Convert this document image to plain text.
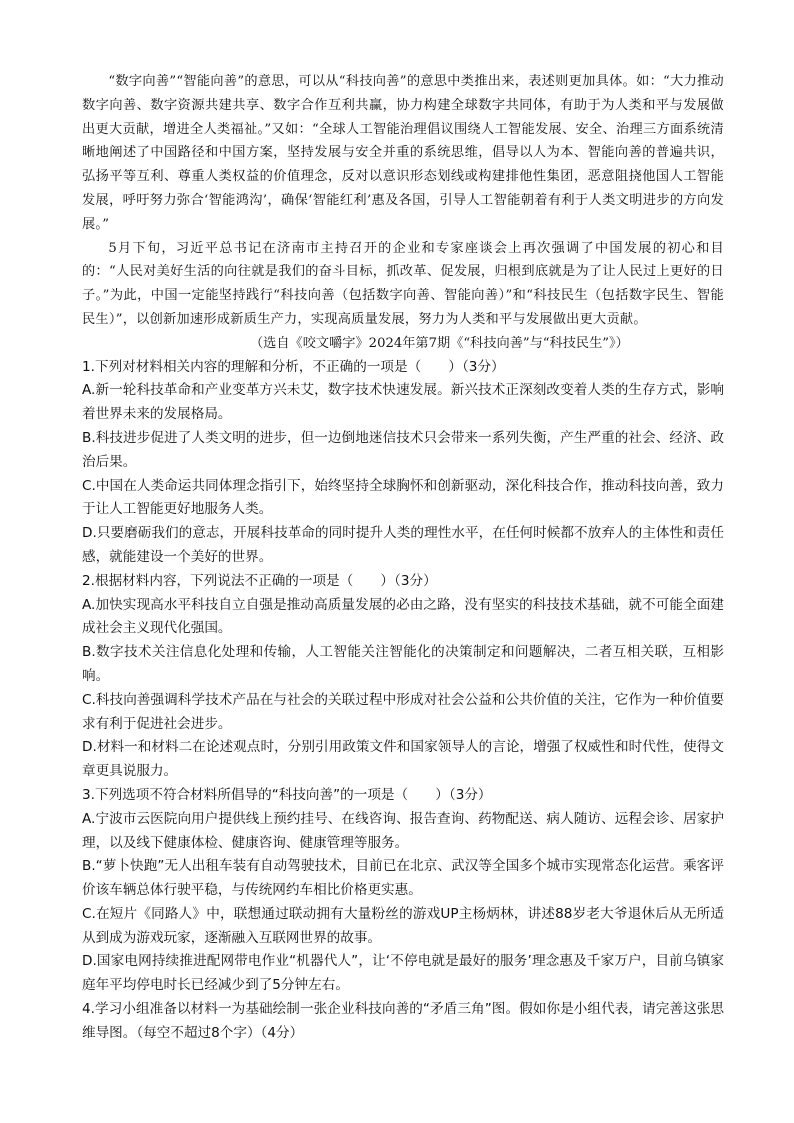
“数字向善”“智能向善”的意思，可以从“科技向善”的意思中类推出来，表述则更加具体。如：“大力推动数字向善、数字资源共建共享、数字合作互利共赢，协力构建全球数字共同体，有助于为人类和平与发展做出更大贡献，增进全人类福祉。”又如：“全球人工智能治理倡议围绕人工智能发展、安全、治理三方面系统清晰地阐述了中国路径和中国方案，坚持发展与安全并重的系统思维，倡导以人为本、智能向善的普遍共识，弘扬平等互利、尊重人类权益的价值理念，反对以意识形态划线或构建排他性集团，恶意阻挠他国人工智能发展，呼吁努力弥合‘智能鸿沟’，确保‘智能红利’惠及各国，引导人工智能朝着有利于人类文明进步的方向发展。”

5月下旬，习近平总书记在济南市主持召开的企业和专家座谈会上再次强调了中国发展的初心和目的：“人民对美好生活的向往就是我们的奋斗目标，抓改革、促发展，归根到底就是为了让人民过上更好的日子。”为此，中国一定能坚持践行“科技向善（包括数字向善、智能向善）”和“科技民生（包括数字民生、智能民生）”，以创新加速形成新质生产力，实现高质量发展，努力为人类和平与发展做出更大贡献。

（选自《咬文嚼字》2024年第7期《“科技向善”与“科技民生”》）

1.下列对材料相关内容的理解和分析，不正确的一项是（　　）（3分）

A.新一轮科技革命和产业变革方兴未艾，数字技术快速发展。新兴技术正深刻改变着人类的生存方式，影响着世界未来的发展格局。

B.科技进步促进了人类文明的进步，但一边倒地迷信技术只会带来一系列失衡，产生严重的社会、经济、政治后果。

C.中国在人类命运共同体理念指引下，始终坚持全球胸怀和创新驱动，深化科技合作，推动科技向善，致力于让人工智能更好地服务人类。

D.只要磨砺我们的意志，开展科技革命的同时提升人类的理性水平，在任何时候都不放弃人的主体性和责任感，就能建设一个美好的世界。

2.根据材料内容，下列说法不正确的一项是（　　）（3分）

A.加快实现高水平科技自立自强是推动高质量发展的必由之路，没有坚实的科技技术基础，就不可能全面建成社会主义现代化强国。

B.数字技术关注信息化处理和传输，人工智能关注智能化的决策制定和问题解决，二者互相关联，互相影响。

C.科技向善强调科学技术产品在与社会的关联过程中形成对社会公益和公共价值的关注，它作为一种价值要求有利于促进社会进步。

D.材料一和材料二在论述观点时，分别引用政策文件和国家领导人的言论，增强了权威性和时代性，使得文章更具说服力。

3.下列选项不符合材料所倡导的“科技向善”的一项是（　　）（3分）

A.宁波市云医院向用户提供线上预约挂号、在线咨询、报告查询、药物配送、病人随访、远程会诊、居家护理，以及线下健康体检、健康咨询、健康管理等服务。

B.“萝卜快跑”无人出租车装有自动驾驶技术，目前已在北京、武汉等全国多个城市实现常态化运营。乘客评价该车辆总体行驶平稳，与传统网约车相比价格更实惠。

C.在短片《同路人》中，联想通过联动拥有大量粉丝的游戏UP主杨炳林，讲述88岁老大爷退休后从无所适从到成为游戏玩家，逐渐融入互联网世界的故事。

D.国家电网持续推进配网带电作业“机器代人”，让‘不停电就是最好的服务’理念惠及千家万户，目前乌镇家庭年平均停电时长已经减少到了5分钟左右。

4.学习小组准备以材料一为基础绘制一张企业科技向善的“矛盾三角”图。假如你是小组代表，请完善这张思维导图。（每空不超过8个字）（4分）
